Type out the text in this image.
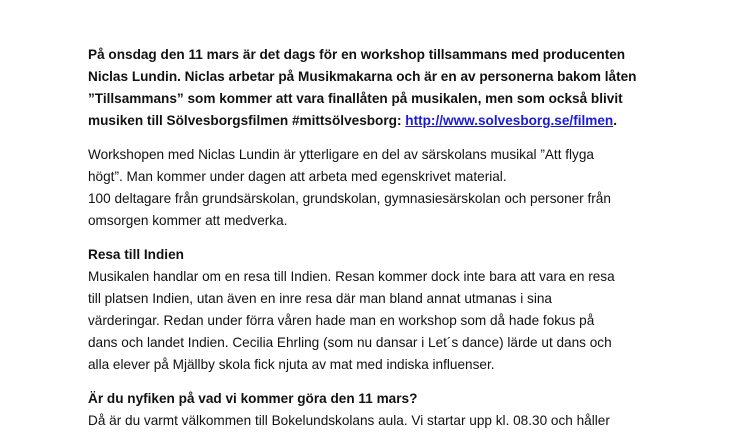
På onsdag den 11 mars är det dags för en workshop tillsammans med producenten
Niclas Lundin. Niclas arbetar på Musikmakarna och är en av personerna bakom låten
”Tillsammans” som kommer att vara finallåten på musikalen, men som också blivit
musiken till Sölvesborgsfilmen #mittsölvesborg: http://www.solvesborg.se/filmen.

Workshopen med Niclas Lundin är ytterligare en del av särskolans musikal ”Att flyga
högt”. Man kommer under dagen att arbeta med egenskrivet material.
100 deltagare från grundsärskolan, grundskolan, gymnasiesärskolan och personer från
omsorgen kommer att medverka.

Resa till Indien

Musikalen handlar om en resa till Indien. Resan kommer dock inte bara att vara en resa
till platsen Indien, utan även en inre resa där man bland annat utmanas i sina
värderingar. Redan under förra våren hade man en workshop som då hade fokus på
dans och landet Indien. Cecilia Ehrling (som nu dansar i Let´s dance) lärde ut dans och
alla elever på Mjällby skola fick njuta av mat med indiska influenser.

Är du nyfiken på vad vi kommer göra den 11 mars?

Då är du varmt välkommen till Bokelundskolans aula. Vi startar upp kl. 08.30 och håller
